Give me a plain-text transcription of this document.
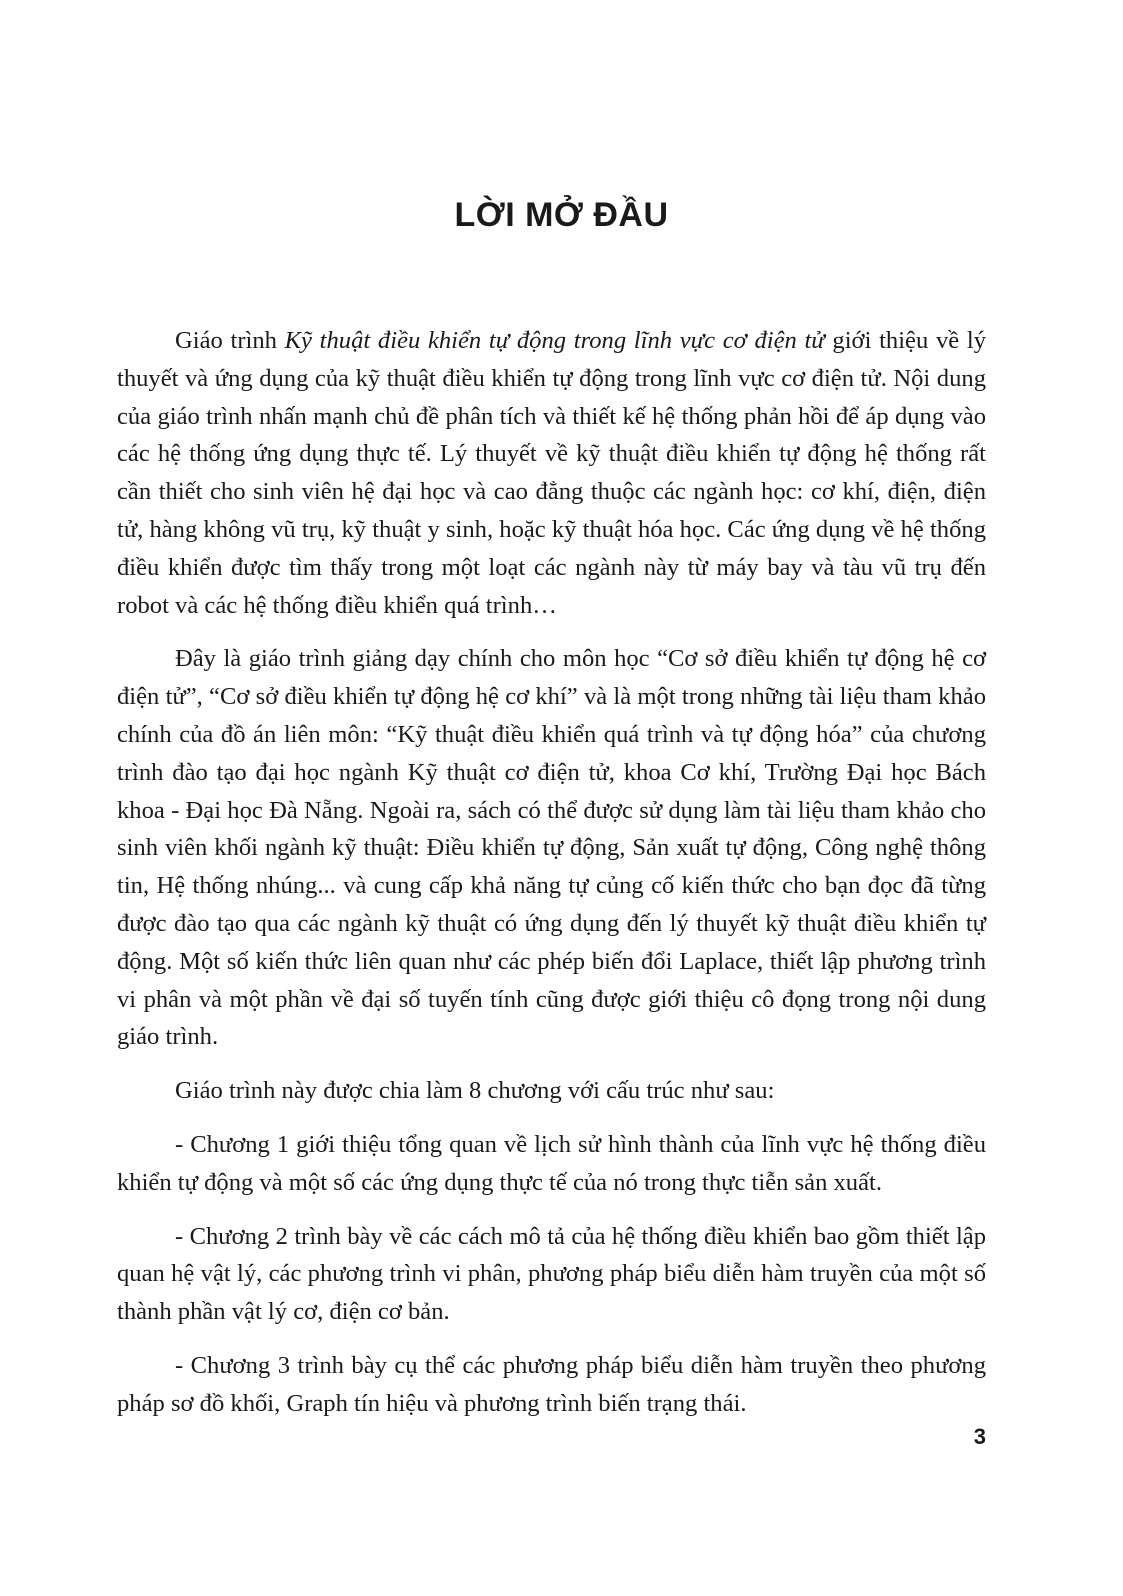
LỜI MỞ ĐẦU

Giáo trình Kỹ thuật điều khiển tự động trong lĩnh vực cơ điện tử giới thiệu về lý thuyết và ứng dụng của kỹ thuật điều khiển tự động trong lĩnh vực cơ điện tử. Nội dung của giáo trình nhấn mạnh chủ đề phân tích và thiết kế hệ thống phản hồi để áp dụng vào các hệ thống ứng dụng thực tế. Lý thuyết về kỹ thuật điều khiển tự động hệ thống rất cần thiết cho sinh viên hệ đại học và cao đẳng thuộc các ngành học: cơ khí, điện, điện tử, hàng không vũ trụ, kỹ thuật y sinh, hoặc kỹ thuật hóa học. Các ứng dụng về hệ thống điều khiển được tìm thấy trong một loạt các ngành này từ máy bay và tàu vũ trụ đến robot và các hệ thống điều khiển quá trình…

Đây là giáo trình giảng dạy chính cho môn học “Cơ sở điều khiển tự động hệ cơ điện tử”, “Cơ sở điều khiển tự động hệ cơ khí” và là một trong những tài liệu tham khảo chính của đồ án liên môn: “Kỹ thuật điều khiển quá trình và tự động hóa” của chương trình đào tạo đại học ngành Kỹ thuật cơ điện tử, khoa Cơ khí, Trường Đại học Bách khoa - Đại học Đà Nẵng. Ngoài ra, sách có thể được sử dụng làm tài liệu tham khảo cho sinh viên khối ngành kỹ thuật: Điều khiển tự động, Sản xuất tự động, Công nghệ thông tin, Hệ thống nhúng... và cung cấp khả năng tự củng cố kiến thức cho bạn đọc đã từng được đào tạo qua các ngành kỹ thuật có ứng dụng đến lý thuyết kỹ thuật điều khiển tự động. Một số kiến thức liên quan như các phép biến đổi Laplace, thiết lập phương trình vi phân và một phần về đại số tuyến tính cũng được giới thiệu cô đọng trong nội dung giáo trình.

Giáo trình này được chia làm 8 chương với cấu trúc như sau:

- Chương 1 giới thiệu tổng quan về lịch sử hình thành của lĩnh vực hệ thống điều khiển tự động và một số các ứng dụng thực tế của nó trong thực tiễn sản xuất.

- Chương 2 trình bày về các cách mô tả của hệ thống điều khiển bao gồm thiết lập quan hệ vật lý, các phương trình vi phân, phương pháp biểu diễn hàm truyền của một số thành phần vật lý cơ, điện cơ bản.

- Chương 3 trình bày cụ thể các phương pháp biểu diễn hàm truyền theo phương pháp sơ đồ khối, Graph tín hiệu và phương trình biến trạng thái.

3
